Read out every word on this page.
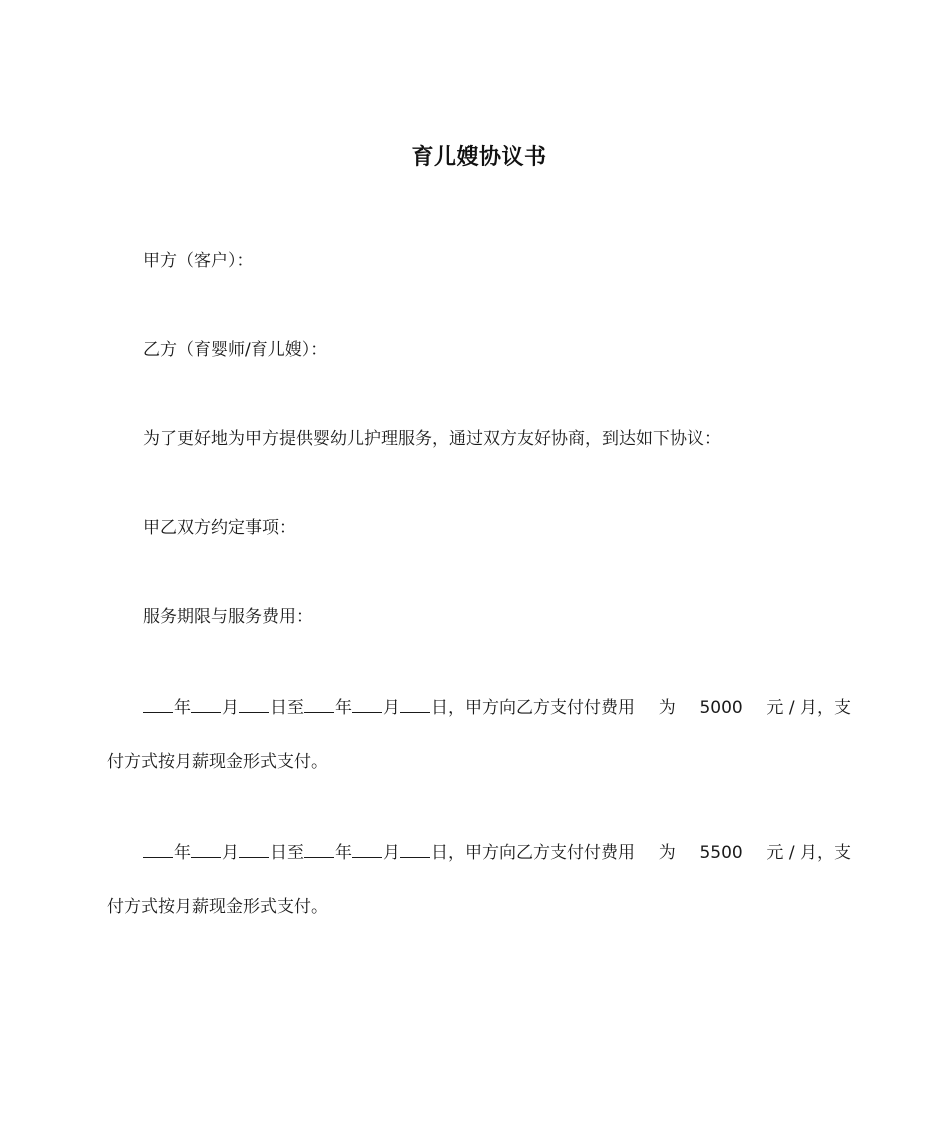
育儿嫂协议书
甲方（客户）：
乙方（育婴师/育儿嫂）：
为了更好地为甲方提供婴幼儿护理服务，通过双方友好协商，到达如下协议：
甲乙双方约定事项：
服务期限与服务费用：
年 月 日至 年 月 日，甲方向乙方支付付费用 为 5000 元 / 月，支
付方式按月薪现金形式支付。
年 月 日至 年 月 日，甲方向乙方支付付费用 为 5500 元 / 月，支
付方式按月薪现金形式支付。
